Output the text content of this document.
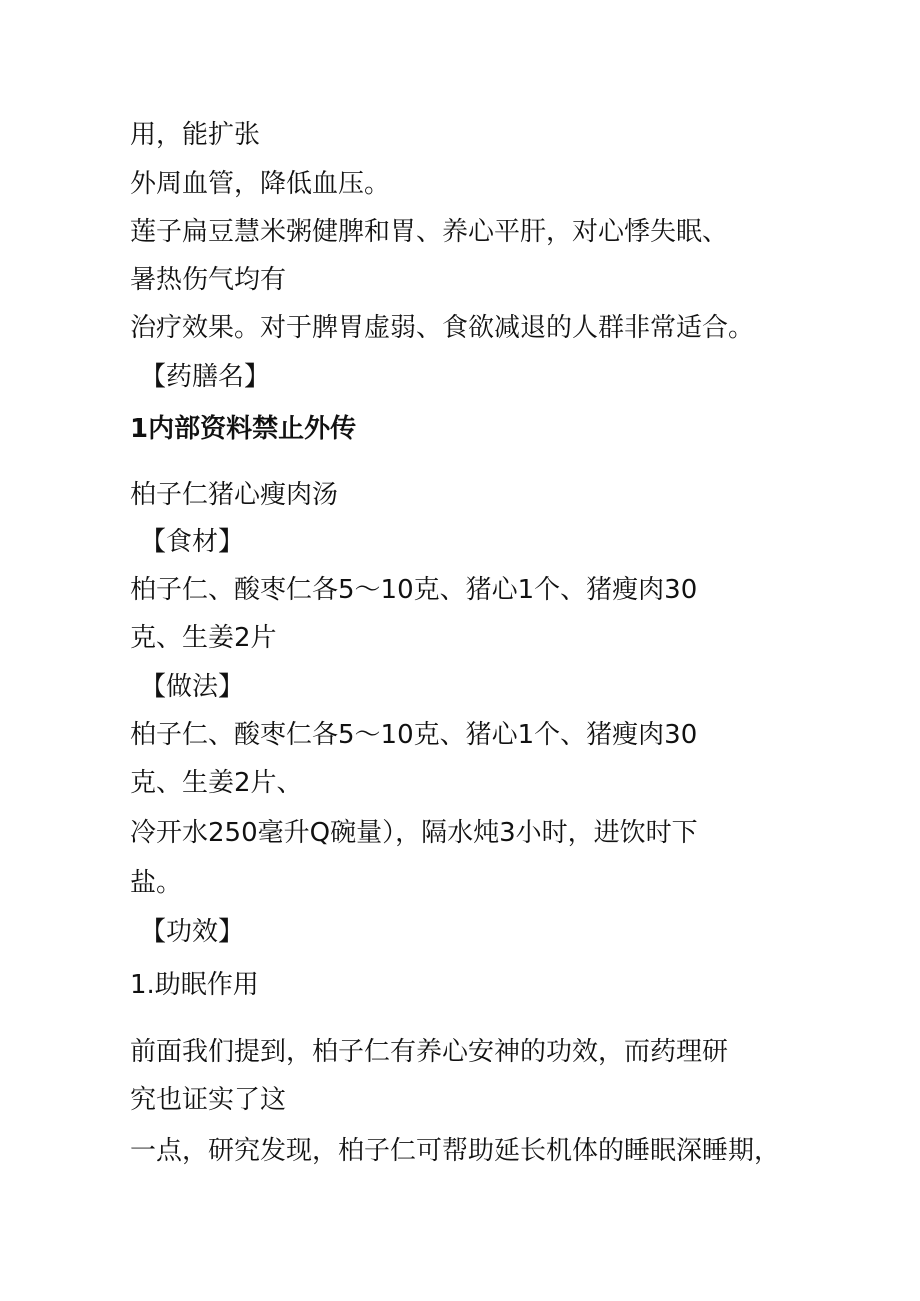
用，能扩张

外周血管，降低血压。

莲子扁豆慧米粥健脾和胃、养心平肝，对心悸失眠、

暑热伤气均有

治疗效果。对于脾胃虚弱、食欲减退的人群非常适合。

【药膳名】

1内部资料禁止外传

柏子仁猪心瘦肉汤

【食材】

柏子仁、酸枣仁各5～10克、猪心1个、猪瘦肉30

克、生姜2片

【做法】

柏子仁、酸枣仁各5～10克、猪心1个、猪瘦肉30

克、生姜2片、

冷开水250毫升Q碗量），隔水炖3小时，进饮时下

盐。

【功效】

1.助眠作用

前面我们提到，柏子仁有养心安神的功效，而药理研

究也证实了这

一点，研究发现，柏子仁可帮助延长机体的睡眠深睡期，
